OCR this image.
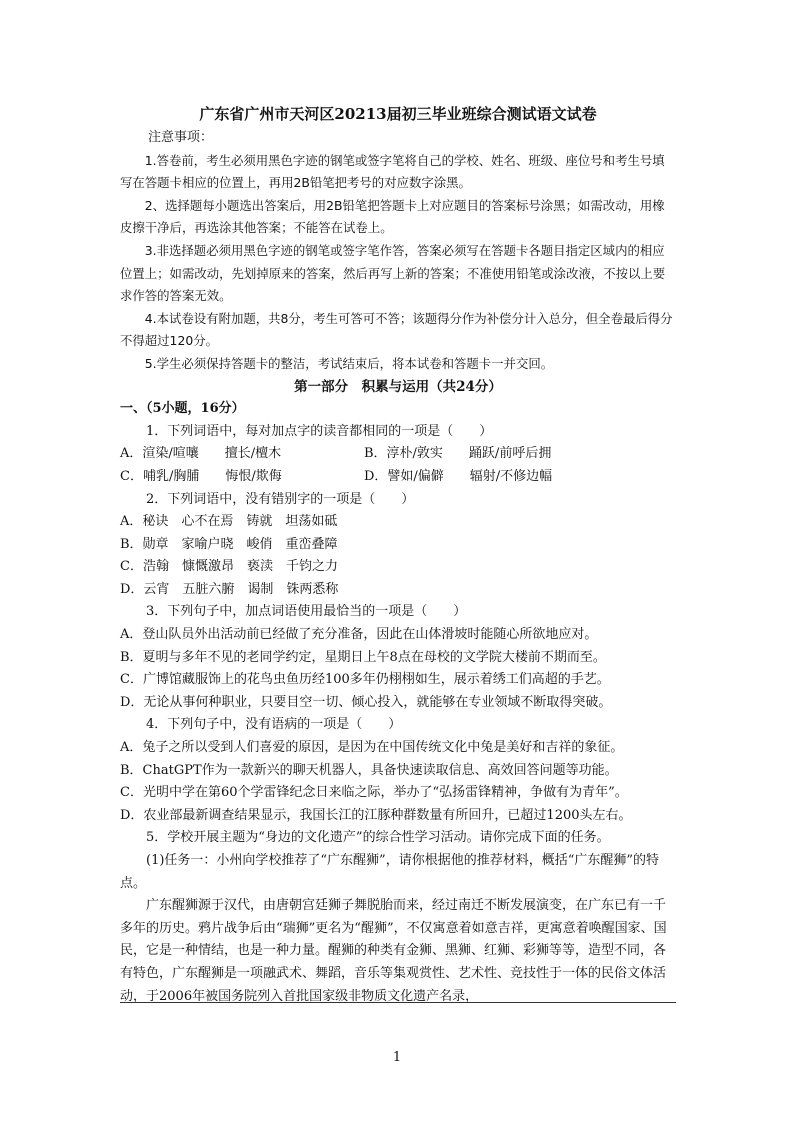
广东省广州市天河区20213届初三毕业班综合测试语文试卷
注意事项：
1.答卷前，考生必须用黑色字迹的钢笔或签字笔将自己的学校、姓名、班级、座位号和考生号填写在答题卡相应的位置上，再用2B铅笔把考号的对应数字涂黑。
2、选择题每小题选出答案后，用2B铅笔把答题卡上对应题目的答案标号涂黑；如需改动，用橡皮擦干净后，再选涂其他答案；不能答在试卷上。
3.非选择题必须用黑色字迹的钢笔或签字笔作答，答案必须写在答题卡各题目指定区域内的相应位置上；如需改动，先划掉原来的答案，然后再写上新的答案；不准使用铅笔或涂改液，不按以上要求作答的答案无效。
4.本试卷设有附加题，共8分，考生可答可不答；该题得分作为补偿分计入总分，但全卷最后得分不得超过120分。
5.学生必须保持答题卡的整洁，考试结束后，将本试卷和答题卡一并交回。
第一部分　积累与运用（共24分）
一、（5小题，16分）
1．下列词语中，每对加点字的读音都相同的一项是（　　）
A．渲染/喧嚷　　擅长/檀木	B．淳朴/敦实　　踊跃/前呼后拥
C．哺乳/胸脯　　悔恨/欺侮	D．譬如/偏僻　　辐射/不修边幅
2．下列词语中，没有错别字的一项是（　　）
A．秘诀　心不在焉　铸就　坦荡如砥
B．勋章　家喻户晓　峻俏　重峦叠障
C．浩翰　慷慨激昂　亵渎　千钧之力
D．云宵　五脏六腑　谒制　铢两悉称
3．下列句子中，加点词语使用最恰当的一项是（　　）
A．登山队员外出活动前已经做了充分准备，因此在山体滑坡时能随心所欲地应对。
B．夏明与多年不见的老同学约定，星期日上午8点在母校的文学院大楼前不期而至。
C．广博馆藏服饰上的花鸟虫鱼历经100多年仍栩栩如生，展示着绣工们高超的手艺。
D．无论从事何种职业，只要目空一切、倾心投入，就能够在专业领域不断取得突破。
4．下列句子中，没有语病的一项是（　　）
A．兔子之所以受到人们喜爱的原因，是因为在中国传统文化中兔是美好和吉祥的象征。
B．ChatGPT作为一款新兴的聊天机器人，具备快速读取信息、高效回答问题等功能。
C．光明中学在第60个学雷锋纪念日来临之际，举办了“弘扬雷锋精神，争做有为青年”。
D．农业部最新调查结果显示，我国长江的江豚种群数量有所回升，已超过1200头左右。
5．学校开展主题为“身边的文化遗产”的综合性学习活动。请你完成下面的任务。
(1)任务一：小州向学校推荐了“广东醒狮”，请你根据他的推荐材料，概括“广东醒狮”的特点。
广东醒狮源于汉代，由唐朝宫廷狮子舞脱胎而来，经过南迁不断发展演变，在广东已有一千多年的历史。鸦片战争后由“瑞狮”更名为“醒狮”，不仅寓意着如意吉祥，更寓意着唤醒国家、国民，它是一种情结，也是一种力量。醒狮的种类有金狮、黑狮、红狮、彩狮等等，造型不同，各有特色，广东醒狮是一项融武术、舞蹈，音乐等集观赏性、艺术性、竞技性于一体的民俗文体活动，于2006年被国务院列入首批国家级非物质文化遗产名录，
1
